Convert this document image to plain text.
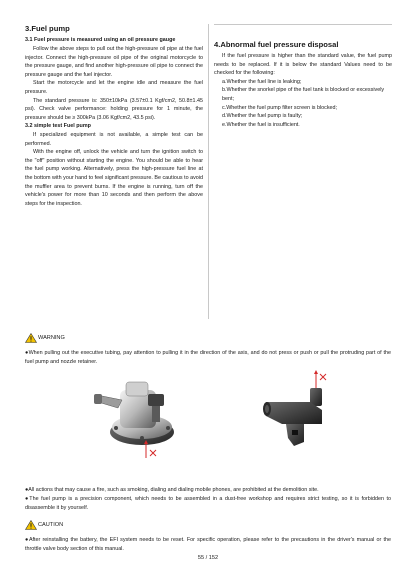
3.Fuel pump
3.1 Fuel pressure is measured using an oil pressure gauge

Follow the above steps to pull out the high-pressure oil pipe at the fuel injector. Connect the high-pressure oil pipe of the original motorcycle to the pressure gauge, and find another high-pressure oil pipe to connect the pressure gauge and the fuel injector.

Start the motorcycle and let the engine idle and measure the fuel pressure.

The standard pressure is: 350±10kPa (3.57±0.1 Kgf/cm2, 50.8±1.45 psi). Check valve performance: holding pressure for 1 minute, the pressure should be ≥ 300kPa (3.06 Kgf/cm2, 43.5 psi).

3.2 simple test Fuel pump

If specialized equipment is not available, a simple test can be performed.

With the engine off, unlock the vehicle and turn the ignition switch to the "off" position without starting the engine. You should be able to hear the fuel pump working. Alternatively, press the high-pressure fuel line at the bottom with your hand to feel significant pressure. Be cautious to avoid the muffler area to prevent burns. If the engine is running, turn off the vehicle's power for more than 10 seconds and then perform the above steps for the inspection.

4.Abnormal fuel pressure disposal

If the fuel pressure is higher than the standard value, the fuel pump needs to be replaced. If it is below the standard Values need to be checked for the following:

a.Whether the fuel line is leaking;
b.Whether the snorkel pipe of the fuel tank is blocked or excessively bent;
c.Whether the fuel pump filter screen is blocked;
d.Whether the fuel pump is faulty;
e.Whether the fuel is insufficient.
WARNING

●When pulling out the executive tubing, pay attention to pulling it in the direction of the axis, and do not press or push or pull the protruding part of the fuel pump and nozzle retainer.

●All actions that may cause a fire, such as smoking, dialing and dialing mobile phones, are prohibited at the demolition site.

●The fuel pump is a precision component, which needs to be assembled in a dust-free workshop and requires strict testing, so it is forbidden to disassemble it by yourself.

CAUTION

●After reinstalling the battery, the EFI system needs to be reset. For specific operation, please refer to the precautions in the driver's manual or the throttle valve body section of this manual.

55 / 152
